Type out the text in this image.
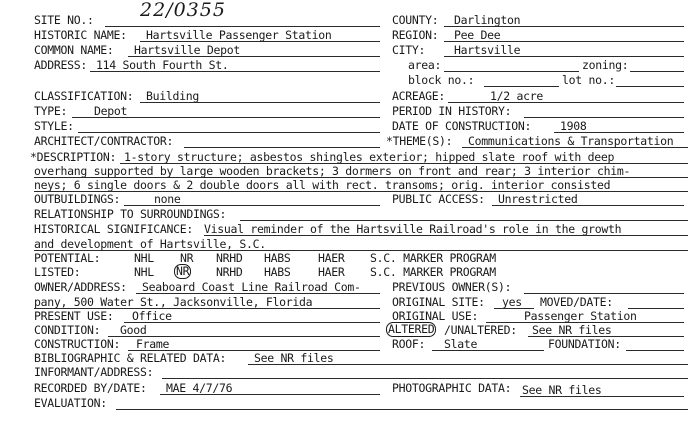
SITE NO.: 22/0355	COUNTY: Darlington
HISTORIC NAME: Hartsville Passenger Station	REGION: Pee Dee
COMMON NAME: Hartsville Depot	CITY:	Hartsville
ADDRESS: 114 South Fourth St.	area:	zoning:
block no.:	lot no.:
CLASSIFICATION: Building	ACREAGE:	1/2 acre
TYPE: Depot	PERIOD IN HISTORY:
STYLE:	DATE OF CONSTRUCTION:	1908
ARCHITECT/CONTRACTOR:	*THEME(S): Communications & Transportation
*DESCRIPTION: 1-story structure; asbestos shingles exterior; hipped slate roof with deep
overhang supported by large wooden brackets; 3 dormers on front and rear; 3 interior chim-
neys; 6 single doors & 2 double doors all with rect. transoms; orig. interior consisted
OUTBUILDINGS:	none	PUBLIC ACCESS: Unrestricted
RELATIONSHIP TO SURROUNDINGS:
HISTORICAL SIGNIFICANCE: Visual reminder of the Hartsville Railroad's role in the growth
and development of Hartsville, S.C.
POTENTIAL:	NHL NR NRHD HABS HAER S.C. MARKER PROGRAM
LISTED:	NHL NR NRHD HABS HAER S.C. MARKER PROGRAM
OWNER/ADDRESS: Seaboard Coast Line Railroad Com-
pany, 500 Water St., Jacksonville, Florida
PREVIOUS OWNER(S):
ORIGINAL SITE: yes MOVED/DATE:
PRESENT USE: Office	ORIGINAL USE:	Passenger Station
CONDITION: Good	ALTERED /UNALTERED: See NR files
CONSTRUCTION: Frame	ROOF: Slate	FOUNDATION:
BIBLIOGRAPHIC & RELATED DATA: See NR files
INFORMANT/ADDRESS:
RECORDED BY/DATE: MAE 4/7/76	PHOTOGRAPHIC DATA: See NR files
EVALUATION:
